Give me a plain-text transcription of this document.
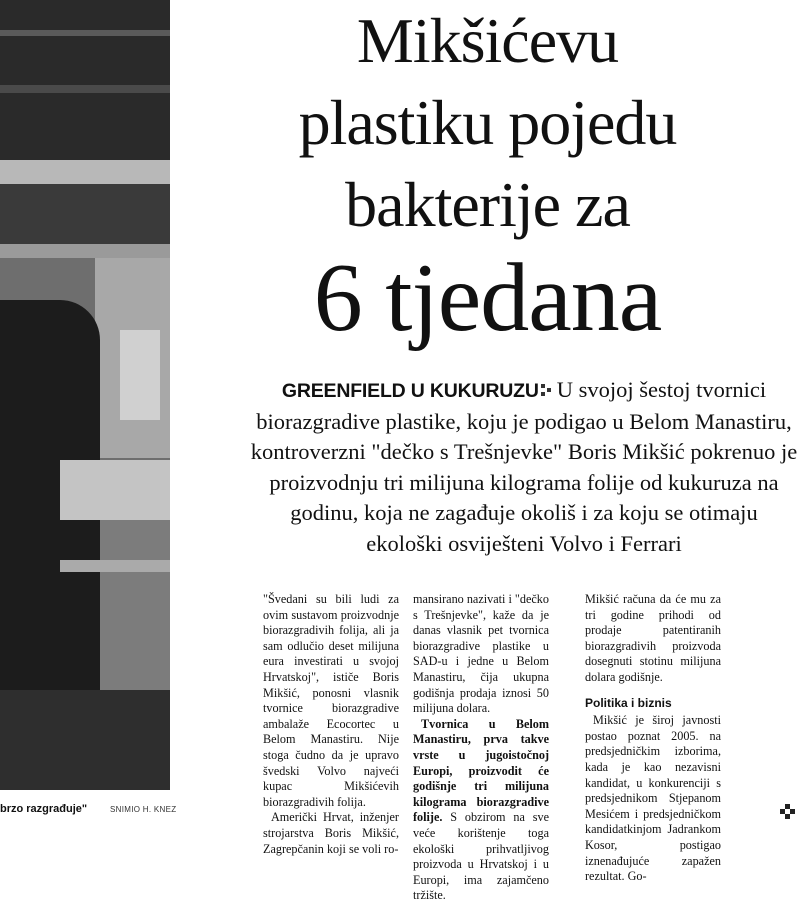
brzo razgrađuje"	SNIMIO H. KNEZ
Mikšićevu
plastiku pojedu
bakterije za
6 tjedana
GREENFIELD U KUKURUZU U svojoj šestoj tvornici biorazgradive plastike, koju je podigao u Belom Manastiru, kontroverzni "dečko s Trešnjevke" Boris Mikšić pokrenuo je proizvodnju tri milijuna kilograma folije od kukuruza na godinu, koja ne zagađuje okoliš i za koju se otimaju ekološki osviješteni Volvo i Ferrari

"Švedani su bili ludi za ovim sustavom proizvodnje biorazgradivih folija, ali ja sam odlučio deset milijuna eura investirati u svojoj Hrvatskoj", ističe Boris Mikšić, ponosni vlasnik tvornice biorazgradive ambalaže Ecocortec u Belom Manastiru. Nije stoga čudno da je upravo švedski Volvo najveći kupac Mikšićevih biorazgradivih folija.

Američki Hrvat, inženjer strojarstva Boris Mikšić, Zagrepčanin koji se voli ro-

mansirano nazivati i "dečko s Trešnjevke", kaže da je danas vlasnik pet tvornica biorazgradive plastike u SAD-u i jedne u Belom Manastiru, čija ukupna godišnja prodaja iznosi 50 milijuna dolara.

Tvornica u Belom Manastiru, prva takve vrste u jugoistočnoj Europi, proizvodit će godišnje tri milijuna kilograma biorazgradive folije. S obzirom na sve veće korištenje toga ekološki prihvatljivog proizvoda u Hrvatskoj i u Europi, ima zajamčeno tržište.

Mikšić računa da će mu za tri godine prihodi od prodaje patentiranih biorazgradivih proizvoda dosegnuti stotinu milijuna dolara godišnje.

Politika i biznis

Mikšić je široj javnosti postao poznat 2005. na predsjedničkim izborima, kada je kao nezavisni kandidat, u konkurenciji s predsjednikom Stjepanom Mesićem i predsjedničkom kandidatkinjom Jadrankom Kosor, postigao iznenađujuće zapažen rezultat. Go-
